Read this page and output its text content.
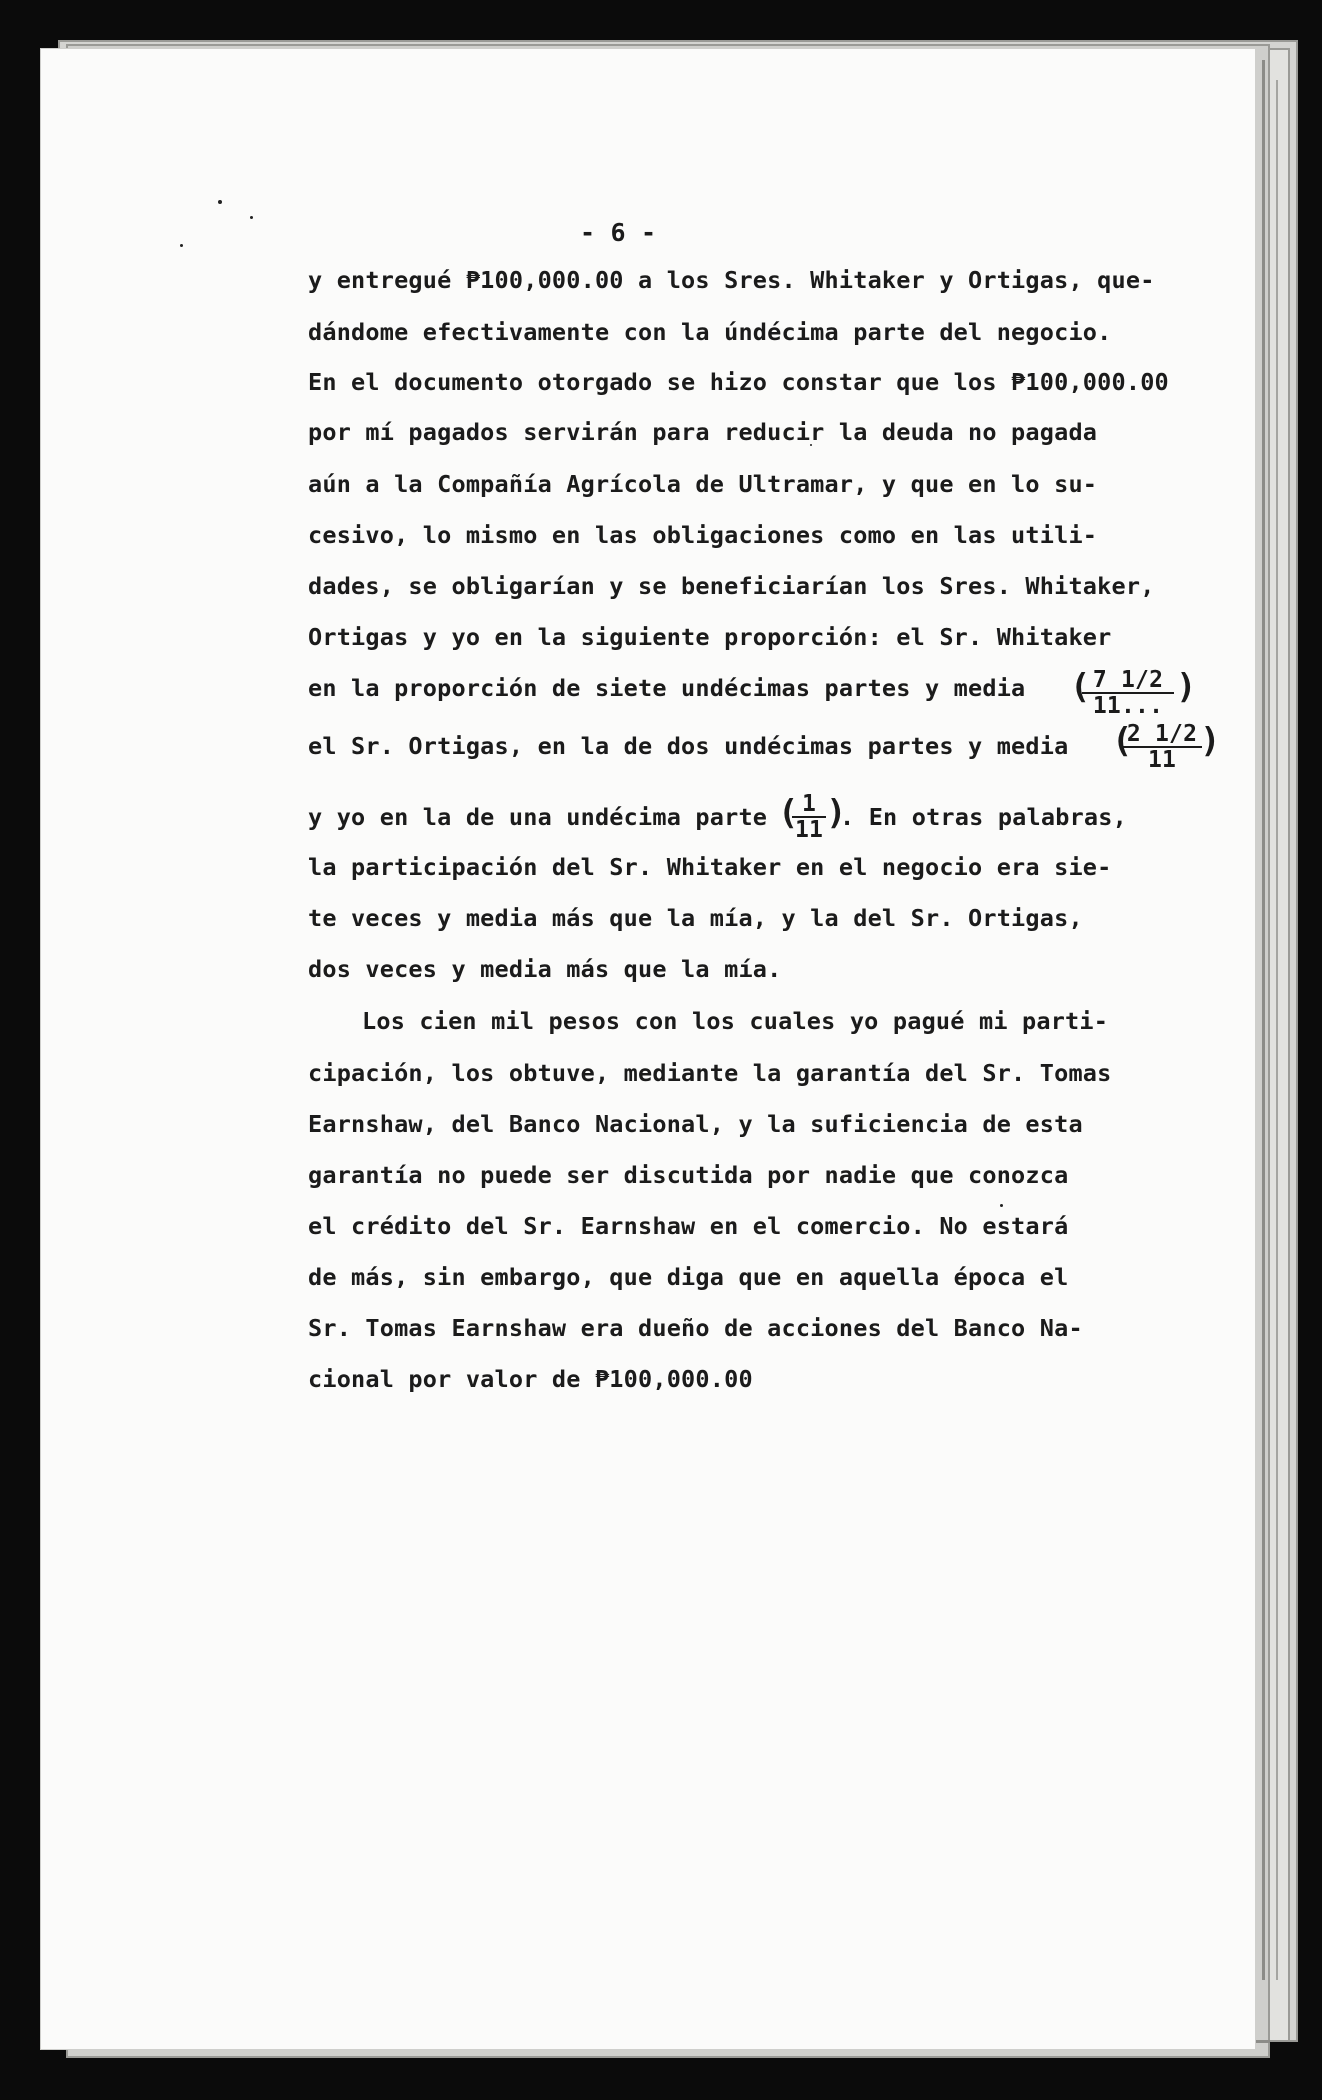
- 6 -
y entregué ₱100,000.00 a los Sres. Whitaker y Ortigas, que-
dándome efectivamente con la úndécima parte del negocio.
En el documento otorgado se hizo constar que los ₱100,000.00
por mí pagados servirán para reducir la deuda no pagada
aún a la Compañía Agrícola de Ultramar, y que en lo su-
cesivo, lo mismo en las obligaciones como en las utili-
dades, se obligarían y se beneficiarían los Sres. Whitaker,
Ortigas y yo en la siguiente proporción: el Sr. Whitaker
en la proporción de siete undécimas partes y media (
$\frac{7 1/2}{11...}$ )
el Sr. Ortigas, en la de dos undécimas partes y media (
$\frac{2 1/2}{11}$
)
y yo en la de una undécima parte (
$\frac{1}{11}$ )
. En otras palabras,
la participación del Sr. Whitaker en el negocio era sie-
te veces y media más que la mía, y la del Sr. Ortigas,
dos veces y media más que la mía.
Los cien mil pesos con los cuales yo pagué mi parti-
cipación, los obtuve, mediante la garantía del Sr. Tomas
Earnshaw, del Banco Nacional, y la suficiencia de esta
garantía no puede ser discutida por nadie que conozca
el crédito del Sr. Earnshaw en el comercio. No estará
de más, sin embargo, que diga que en aquella época el
Sr. Tomas Earnshaw era dueño de acciones del Banco Na-
cional por valor de ₱100,000.00
